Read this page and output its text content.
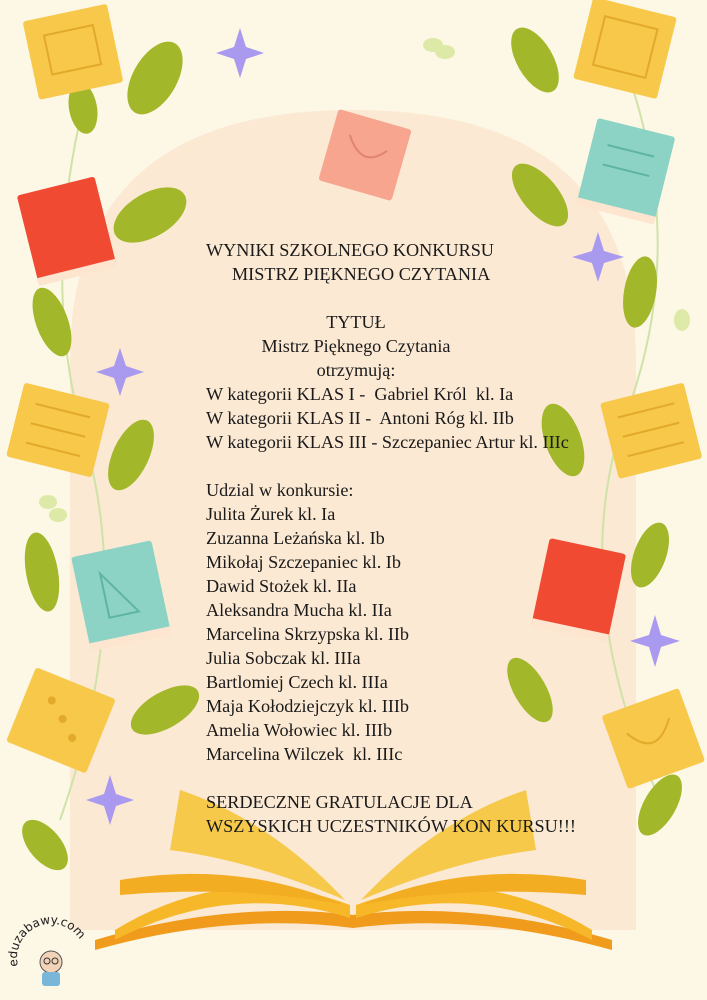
WYNIKI SZKOLNEGO KONKURSU
MISTRZ PIĘKNEGO CZYTANIA
TYTUŁ
Mistrz Pięknego Czytania
otrzymują:
W kategorii KLAS I -  Gabriel Król  kl. Ia
W kategorii KLAS II -  Antoni Róg kl. IIb
W kategorii KLAS III - Szczepaniec Artur kl. IIIc
Udzial w konkursie:
Julita Żurek kl. Ia
Zuzanna Leżańska kl. Ib
Mikołaj Szczepaniec kl. Ib
Dawid Stożek kl. IIa
Aleksandra Mucha kl. IIa
Marcelina Skrzypska kl. IIb
Julia Sobczak kl. IIIa
Bartlomiej Czech kl. IIIa
Maja Kołodziejczyk kl. IIIb
Amelia Wołowiec kl. IIIb
Marcelina Wilczek  kl. IIIc
SERDECZNE GRATULACJE DLA
WSZYSKICH UCZESTNIKÓW KON KURSU!!!
eduzabawy.com
